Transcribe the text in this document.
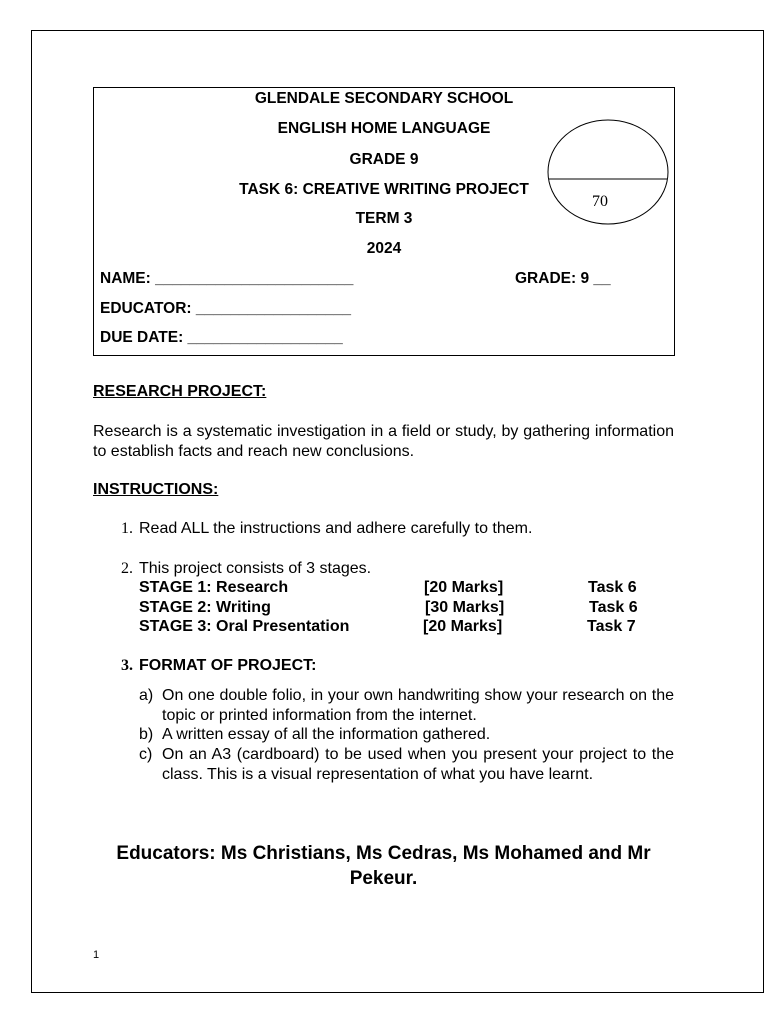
GLENDALE SECONDARY SCHOOL
ENGLISH HOME LANGUAGE
GRADE 9
TASK 6: CREATIVE WRITING PROJECT
TERM 3
2024
NAME: _______________________	GRADE: 9 __
EDUCATOR: __________________
DUE DATE: __________________
70
RESEARCH PROJECT:
Research is a systematic investigation in a field or study, by gathering information to establish facts and reach new conclusions.
INSTRUCTIONS:
1. Read ALL the instructions and adhere carefully to them.
2. This project consists of 3 stages.
STAGE 1: Research	[20 Marks]	Task 6
STAGE 2: Writing	[30 Marks]	Task 6
STAGE 3: Oral Presentation	[20 Marks]	Task 7
3. FORMAT OF PROJECT:
a) On one double folio, in your own handwriting show your research on the topic or printed information from the internet.
b) A written essay of all the information gathered.
c) On an A3 (cardboard) to be used when you present your project to the class. This is a visual representation of what you have learnt.
Educators: Ms Christians, Ms Cedras, Ms Mohamed and Mr Pekeur.
1
